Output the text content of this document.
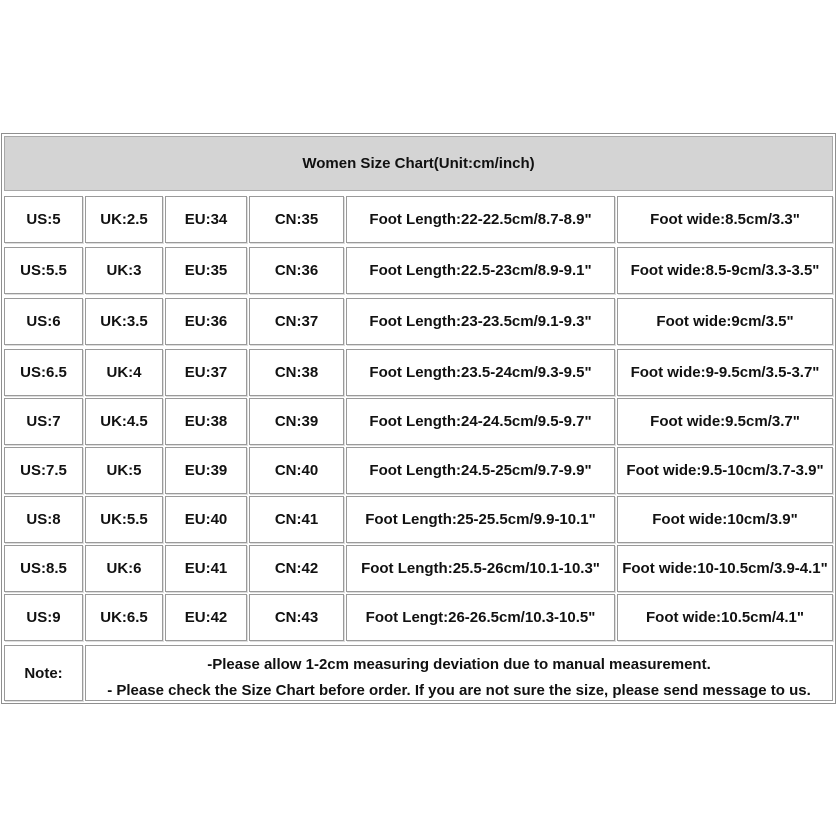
Women Size Chart(Unit:cm/inch)
US:5	UK:2.5	EU:34	CN:35	Foot Length:22-22.5cm/8.7-8.9"	Foot wide:8.5cm/3.3"
US:5.5	UK:3	EU:35	CN:36	Foot Length:22.5-23cm/8.9-9.1"	Foot wide:8.5-9cm/3.3-3.5"
US:6	UK:3.5	EU:36	CN:37	Foot Length:23-23.5cm/9.1-9.3"	Foot wide:9cm/3.5"
US:6.5	UK:4	EU:37	CN:38	Foot Length:23.5-24cm/9.3-9.5"	Foot wide:9-9.5cm/3.5-3.7"
US:7	UK:4.5	EU:38	CN:39	Foot Length:24-24.5cm/9.5-9.7"	Foot wide:9.5cm/3.7"
US:7.5	UK:5	EU:39	CN:40	Foot Length:24.5-25cm/9.7-9.9"	Foot wide:9.5-10cm/3.7-3.9"
US:8	UK:5.5	EU:40	CN:41	Foot Length:25-25.5cm/9.9-10.1"	Foot wide:10cm/3.9"
US:8.5	UK:6	EU:41	CN:42	Foot Length:25.5-26cm/10.1-10.3"	Foot wide:10-10.5cm/3.9-4.1"
US:9	UK:6.5	EU:42	CN:43	Foot Lengt:26-26.5cm/10.3-10.5"	Foot wide:10.5cm/4.1"
Note:	-Please allow 1-2cm measuring deviation due to manual measurement.
- Please check the Size Chart before order. If you are not sure the size, please send message to us.
